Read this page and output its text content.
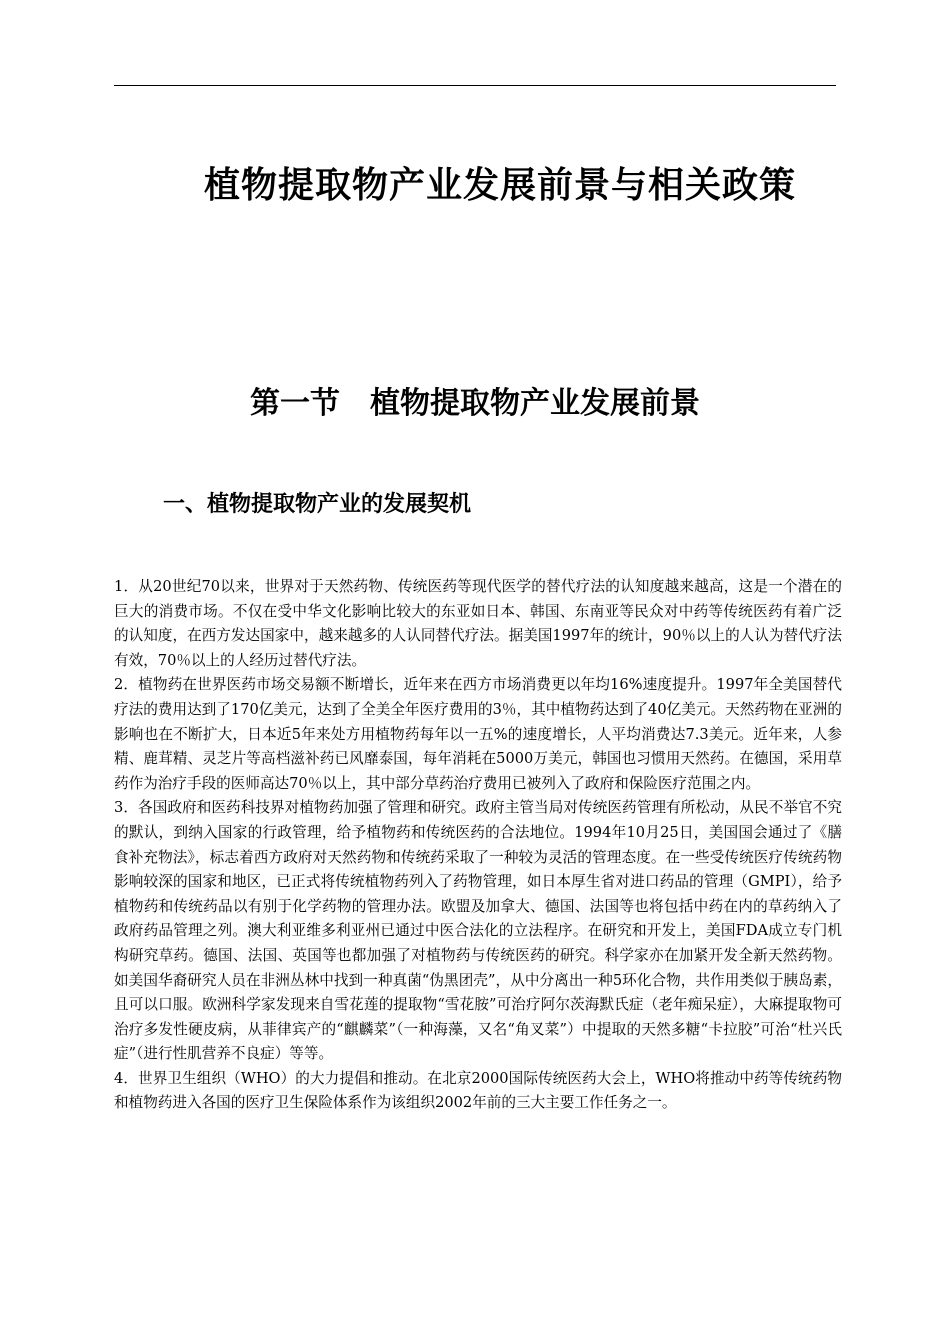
植物提取物产业发展前景与相关政策
第一节　植物提取物产业发展前景
一、植物提取物产业的发展契机

1．从20世纪70以来，世界对于天然药物、传统医药等现代医学的替代疗法的认知度越来越高，这是一个潜在的巨大的消费市场。不仅在受中华文化影响比较大的东亚如日本、韩国、东南亚等民众对中药等传统医药有着广泛的认知度，在西方发达国家中，越来越多的人认同替代疗法。据美国1997年的统计，90％以上的人认为替代疗法有效，70％以上的人经历过替代疗法。

2．植物药在世界医药市场交易额不断增长，近年来在西方市场消费更以年均16%速度提升。1997年全美国替代疗法的费用达到了170亿美元，达到了全美全年医疗费用的3％，其中植物药达到了40亿美元。天然药物在亚洲的影响也在不断扩大，日本近5年来处方用植物药每年以一五%的速度增长，人平均消费达7.3美元。近年来，人参精、鹿茸精、灵芝片等高档滋补药已风靡泰国，每年消耗在5000万美元，韩国也习惯用天然药。在德国，采用草药作为治疗手段的医师高达70％以上，其中部分草药治疗费用已被列入了政府和保险医疗范围之内。

3．各国政府和医药科技界对植物药加强了管理和研究。政府主管当局对传统医药管理有所松动，从民不举官不究的默认，到纳入国家的行政管理，给予植物药和传统医药的合法地位。1994年10月25日，美国国会通过了《膳食补充物法》，标志着西方政府对天然药物和传统药采取了一种较为灵活的管理态度。在一些受传统医疗传统药物影响较深的国家和地区，已正式将传统植物药列入了药物管理，如日本厚生省对进口药品的管理（GMPI），给予植物药和传统药品以有别于化学药物的管理办法。欧盟及加拿大、德国、法国等也将包括中药在内的草药纳入了政府药品管理之列。澳大利亚维多利亚州已通过中医合法化的立法程序。在研究和开发上，美国FDA成立专门机构研究草药。德国、法国、英国等也都加强了对植物药与传统医药的研究。科学家亦在加紧开发全新天然药物。如美国华裔研究人员在非洲丛林中找到一种真菌“伪黑团壳”，从中分离出一种5环化合物，共作用类似于胰岛素，且可以口服。欧洲科学家发现来自雪花莲的提取物“雪花胺”可治疗阿尔茨海默氏症（老年痴呆症），大麻提取物可治疗多发性硬皮病，从菲律宾产的“麒麟菜”（一种海藻，又名“角叉菜”）中提取的天然多糖“卡拉胶”可治“杜兴氏症”（进行性肌营养不良症）等等。

4．世界卫生组织（WHO）的大力提倡和推动。在北京2000国际传统医药大会上，WHO将推动中药等传统药物和植物药进入各国的医疗卫生保险体系作为该组织2002年前的三大主要工作任务之一。
